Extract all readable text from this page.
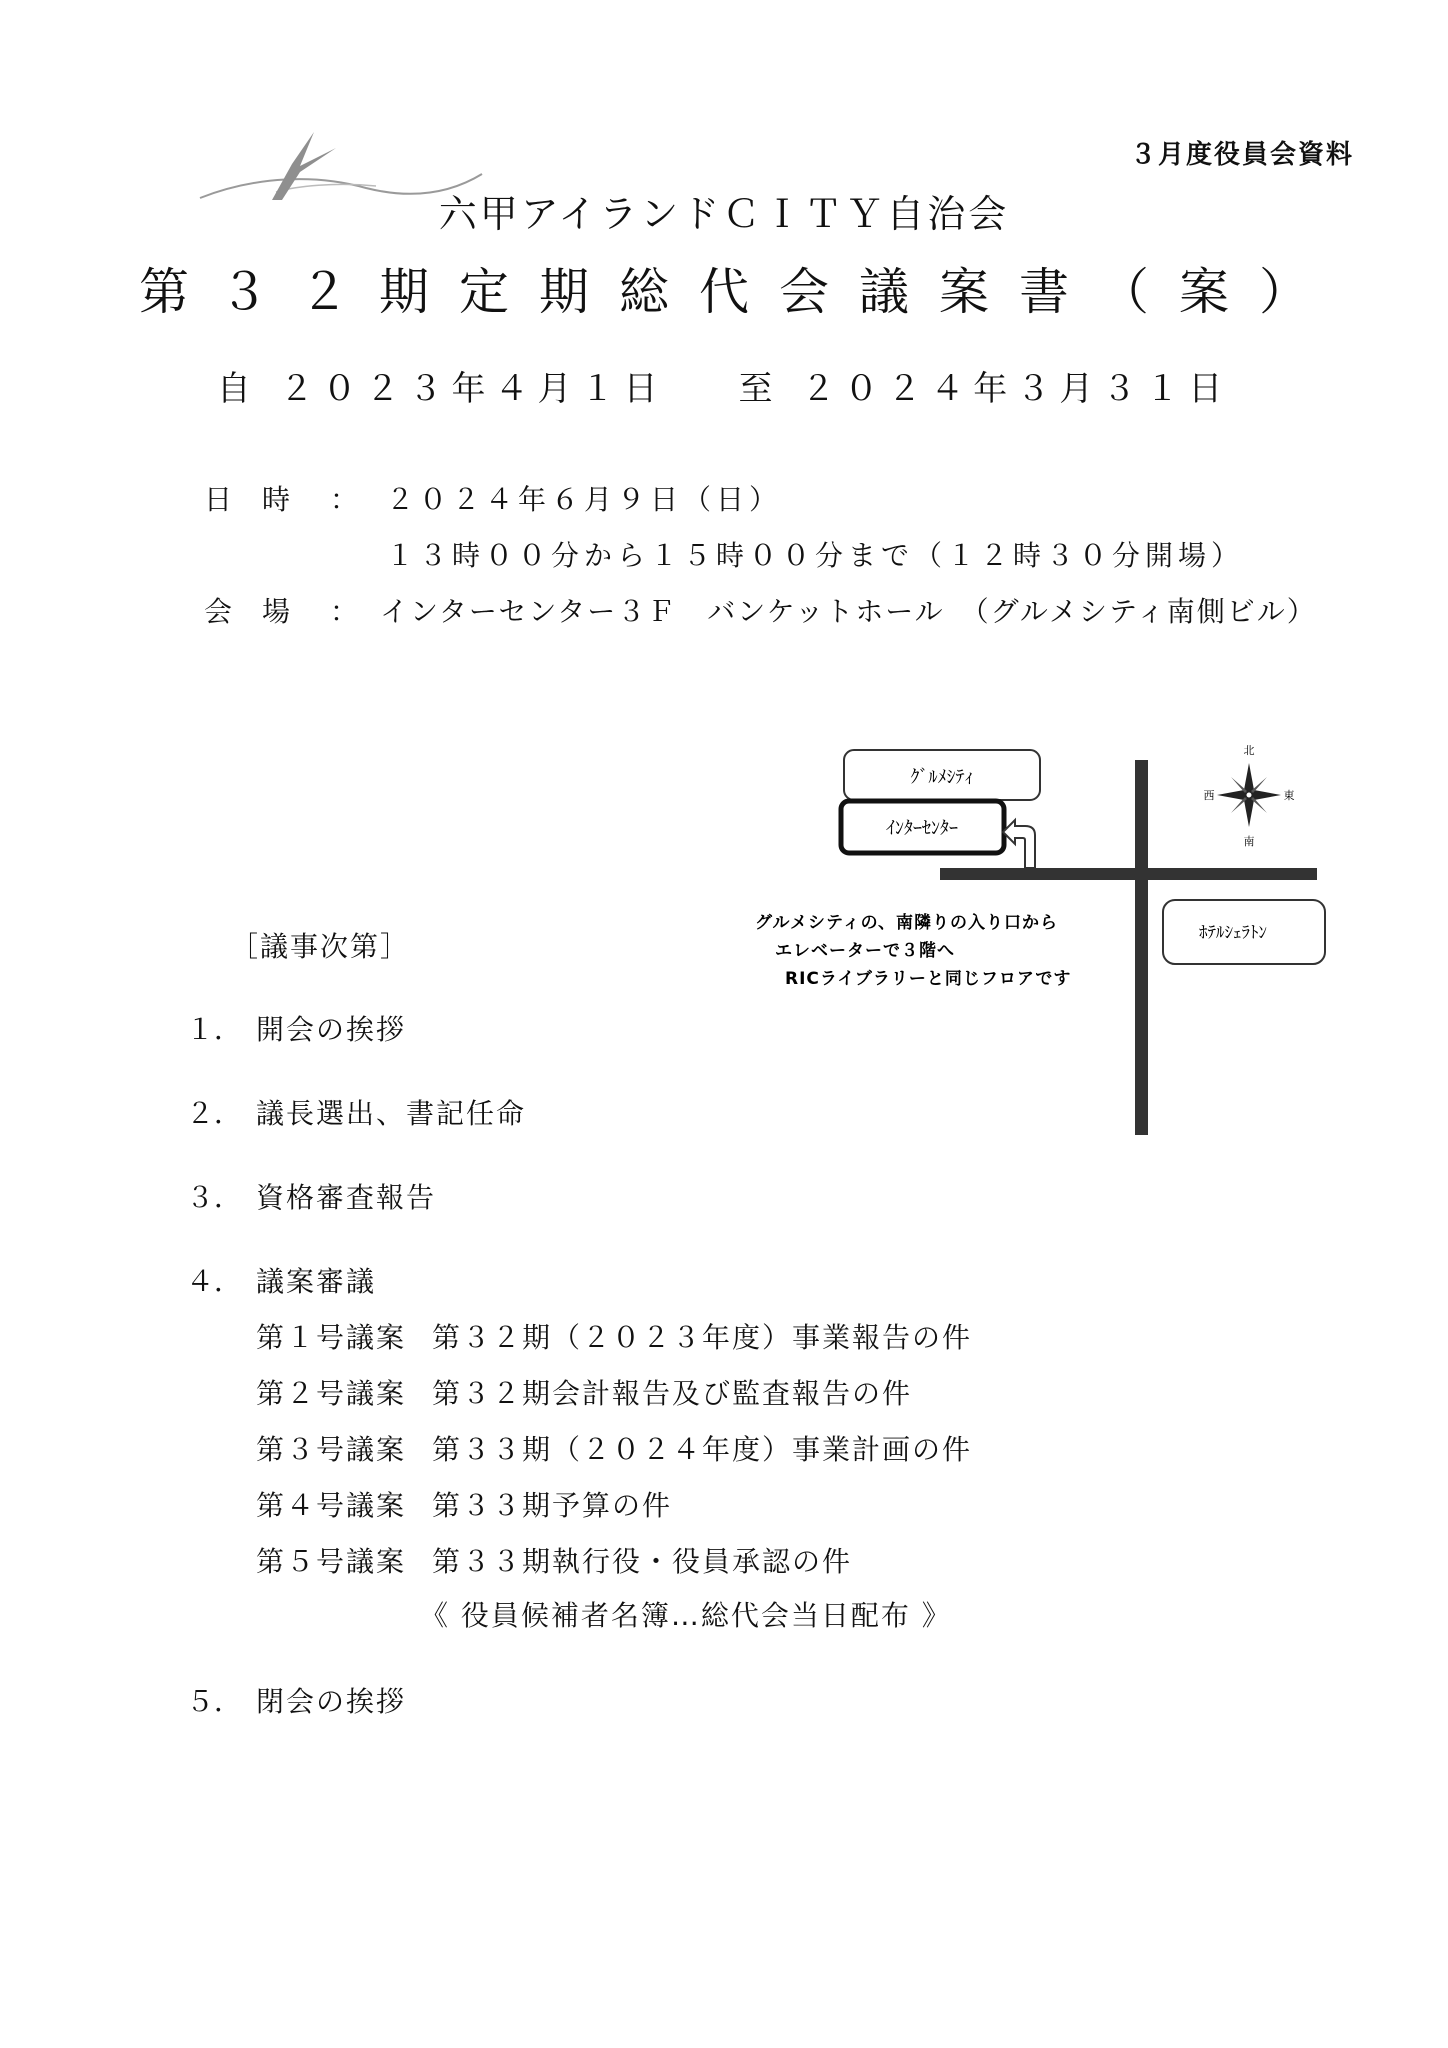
３月度役員会資料
六甲アイランドＣＩＴＹ自治会
第３２期定期総代会議案書（案）
自 ２０２３年４月１日 至 ２０２４年３月３１日
日時 ： ２０２４年６月９日（日）
１３時００分から１５時００分まで（１２時３０分開場）
会場 ： インターセンター３Ｆ　バンケットホール　（グルメシティ南側ビル）
ｸﾞﾙﾒｼﾃｨ
ｲﾝﾀｰｾﾝﾀｰ
ﾎﾃﾙｼｪﾗﾄﾝ
北
南
東
西
グルメシティの、南隣りの入り口から
エレベーターで３階へ
RICライブラリーと同じフロアです
［議事次第］
１． 開会の挨拶
２． 議長選出、書記任命
３． 資格審査報告
４． 議案審議
第１号議案 第３２期（２０２３年度）事業報告の件
第２号議案 第３２期会計報告及び監査報告の件
第３号議案 第３３期（２０２４年度）事業計画の件
第４号議案 第３３期予算の件
第５号議案 第３３期執行役・役員承認の件
《 役員候補者名簿…総代会当日配布 》
５． 閉会の挨拶
